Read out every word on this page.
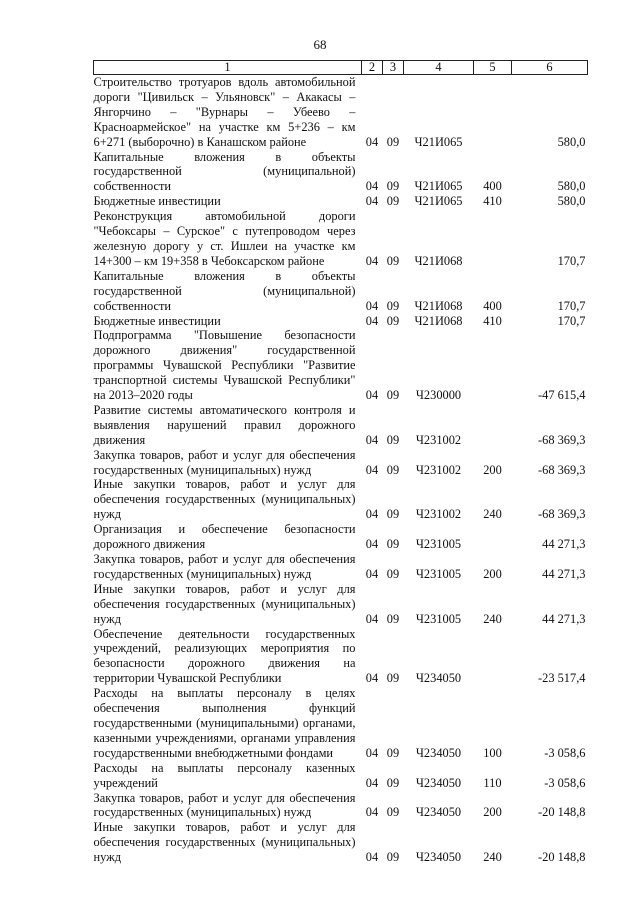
68
1	2	3	4	5	6
Строительство тротуаров вдоль автомобильной дороги "Цивильск – Ульяновск" – Акакасы – Янгорчино – "Вурнары – Убеево – Красноармейское" на участке км 5+236 – км 6+271 (выборочно) в Канашском районе	04	09	Ч21И065		580,0
Капитальные вложения в объекты государственной (муниципальной) собственности	04	09	Ч21И065	400	580,0
Бюджетные инвестиции	04	09	Ч21И065	410	580,0
Реконструкция автомобильной дороги "Чебоксары – Сурское" с путепроводом через железную дорогу у ст. Ишлеи на участке км 14+300 – км 19+358 в Чебоксарском районе	04	09	Ч21И068		170,7
Капитальные вложения в объекты государственной (муниципальной) собственности	04	09	Ч21И068	400	170,7
Бюджетные инвестиции	04	09	Ч21И068	410	170,7
Подпрограмма "Повышение безопасности дорожного движения" государственной программы Чувашской Республики "Развитие транспортной системы Чувашской Республики" на 2013–2020 годы	04	09	Ч230000		-47 615,4
Развитие системы автоматического контроля и выявления нарушений правил дорожного движения	04	09	Ч231002		-68 369,3
Закупка товаров, работ и услуг для обеспечения государственных (муниципальных) нужд	04	09	Ч231002	200	-68 369,3
Иные закупки товаров, работ и услуг для обеспечения государственных (муниципальных) нужд	04	09	Ч231002	240	-68 369,3
Организация и обеспечение безопасности дорожного движения	04	09	Ч231005		44 271,3
Закупка товаров, работ и услуг для обеспечения государственных (муниципальных) нужд	04	09	Ч231005	200	44 271,3
Иные закупки товаров, работ и услуг для обеспечения государственных (муниципальных) нужд	04	09	Ч231005	240	44 271,3
Обеспечение деятельности государственных учреждений, реализующих мероприятия по безопасности дорожного движения на территории Чувашской Республики	04	09	Ч234050		-23 517,4
Расходы на выплаты персоналу в целях обеспечения выполнения функций государственными (муниципальными) органами, казенными учреждениями, органами управления государственными внебюджетными фондами	04	09	Ч234050	100	-3 058,6
Расходы на выплаты персоналу казенных учреждений	04	09	Ч234050	110	-3 058,6
Закупка товаров, работ и услуг для обеспечения государственных (муниципальных) нужд	04	09	Ч234050	200	-20 148,8
Иные закупки товаров, работ и услуг для обеспечения государственных (муниципальных) нужд	04	09	Ч234050	240	-20 148,8
